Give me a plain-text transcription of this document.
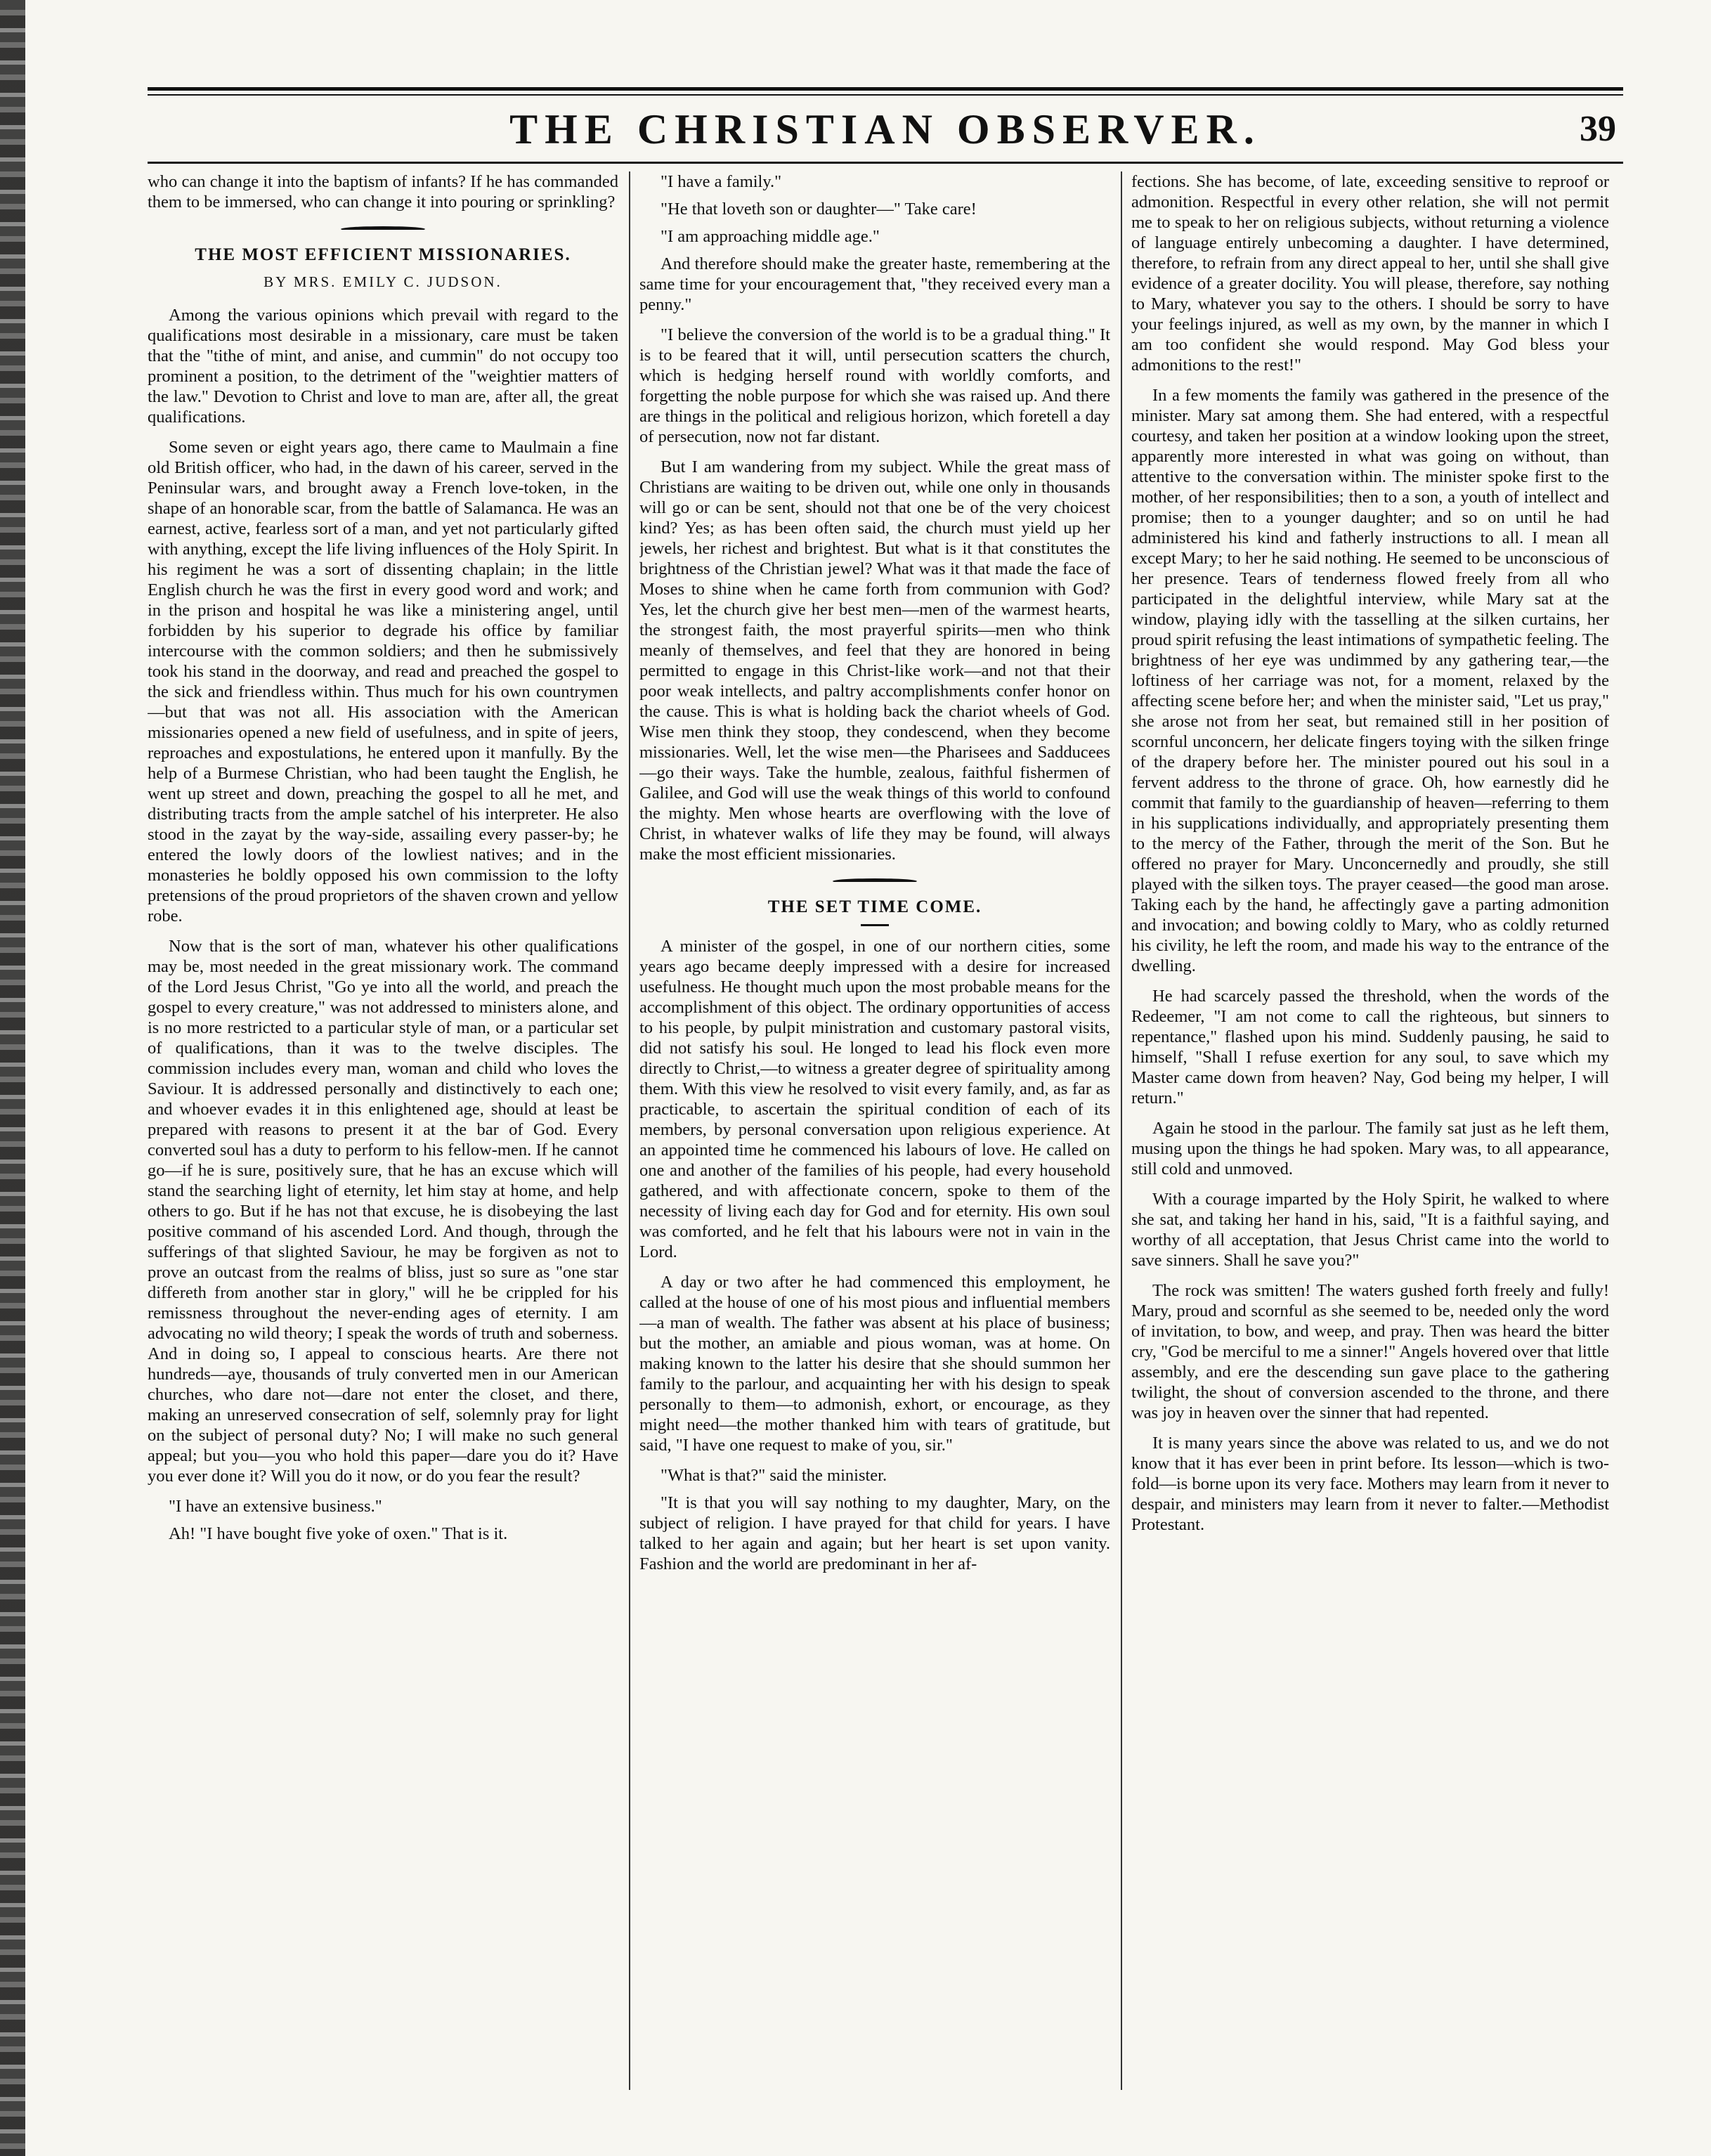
THE CHRISTIAN OBSERVER.	39

who can change it into the baptism of infants? If he has commanded them to be immersed, who can change it into pouring or sprinkling?

THE MOST EFFICIENT MISSIONARIES.
BY MRS. EMILY C. JUDSON.

Among the various opinions which prevail with regard to the qualifications most desirable in a missionary, care must be taken that the "tithe of mint, and anise, and cummin" do not occupy too prominent a position, to the detriment of the "weightier matters of the law." Devotion to Christ and love to man are, after all, the great qualifications.

Some seven or eight years ago, there came to Maulmain a fine old British officer, who had, in the dawn of his career, served in the Peninsular wars, and brought away a French love-token, in the shape of an honorable scar, from the battle of Salamanca. He was an earnest, active, fearless sort of a man, and yet not particularly gifted with anything, except the life living influences of the Holy Spirit. In his regiment he was a sort of dissenting chaplain; in the little English church he was the first in every good word and work; and in the prison and hospital he was like a ministering angel, until forbidden by his superior to degrade his office by familiar intercourse with the common soldiers; and then he submissively took his stand in the doorway, and read and preached the gospel to the sick and friendless within. Thus much for his own countrymen—but that was not all. His association with the American missionaries opened a new field of usefulness, and in spite of jeers, reproaches and expostulations, he entered upon it manfully. By the help of a Burmese Christian, who had been taught the English, he went up street and down, preaching the gospel to all he met, and distributing tracts from the ample satchel of his interpreter. He also stood in the zayat by the way-side, assailing every passer-by; he entered the lowly doors of the lowliest natives; and in the monasteries he boldly opposed his own commission to the lofty pretensions of the proud proprietors of the shaven crown and yellow robe.

Now that is the sort of man, whatever his other qualifications may be, most needed in the great missionary work. The command of the Lord Jesus Christ, "Go ye into all the world, and preach the gospel to every creature," was not addressed to ministers alone, and is no more restricted to a particular style of man, or a particular set of qualifications, than it was to the twelve disciples. The commission includes every man, woman and child who loves the Saviour. It is addressed personally and distinctively to each one; and whoever evades it in this enlightened age, should at least be prepared with reasons to present it at the bar of God. Every converted soul has a duty to perform to his fellow-men. If he cannot go—if he is sure, positively sure, that he has an excuse which will stand the searching light of eternity, let him stay at home, and help others to go. But if he has not that excuse, he is disobeying the last positive command of his ascended Lord. And though, through the sufferings of that slighted Saviour, he may be forgiven as not to prove an outcast from the realms of bliss, just so sure as "one star differeth from another star in glory," will he be crippled for his remissness throughout the never-ending ages of eternity. I am advocating no wild theory; I speak the words of truth and soberness. And in doing so, I appeal to conscious hearts. Are there not hundreds—aye, thousands of truly converted men in our American churches, who dare not—dare not enter the closet, and there, making an unreserved consecration of self, solemnly pray for light on the subject of personal duty? No; I will make no such general appeal; but you—you who hold this paper—dare you do it? Have you ever done it? Will you do it now, or do you fear the result?

"I have an extensive business."

Ah! "I have bought five yoke of oxen." That is it.

"I have a family."

"He that loveth son or daughter—" Take care!

"I am approaching middle age."

And therefore should make the greater haste, remembering at the same time for your encouragement that, "they received every man a penny."

"I believe the conversion of the world is to be a gradual thing." It is to be feared that it will, until persecution scatters the church, which is hedging herself round with worldly comforts, and forgetting the noble purpose for which she was raised up. And there are things in the political and religious horizon, which foretell a day of persecution, now not far distant.

But I am wandering from my subject. While the great mass of Christians are waiting to be driven out, while one only in thousands will go or can be sent, should not that one be of the very choicest kind? Yes; as has been often said, the church must yield up her jewels, her richest and brightest. But what is it that constitutes the brightness of the Christian jewel? What was it that made the face of Moses to shine when he came forth from communion with God? Yes, let the church give her best men—men of the warmest hearts, the strongest faith, the most prayerful spirits—men who think meanly of themselves, and feel that they are honored in being permitted to engage in this Christ-like work—and not that their poor weak intellects, and paltry accomplishments confer honor on the cause. This is what is holding back the chariot wheels of God. Wise men think they stoop, they condescend, when they become missionaries. Well, let the wise men—the Pharisees and Sadducees—go their ways. Take the humble, zealous, faithful fishermen of Galilee, and God will use the weak things of this world to confound the mighty. Men whose hearts are overflowing with the love of Christ, in whatever walks of life they may be found, will always make the most efficient missionaries.

THE SET TIME COME.

A minister of the gospel, in one of our northern cities, some years ago became deeply impressed with a desire for increased usefulness. He thought much upon the most probable means for the accomplishment of this object. The ordinary opportunities of access to his people, by pulpit ministration and customary pastoral visits, did not satisfy his soul. He longed to lead his flock even more directly to Christ,—to witness a greater degree of spirituality among them. With this view he resolved to visit every family, and, as far as practicable, to ascertain the spiritual condition of each of its members, by personal conversation upon religious experience. At an appointed time he commenced his labours of love. He called on one and another of the families of his people, had every household gathered, and with affectionate concern, spoke to them of the necessity of living each day for God and for eternity. His own soul was comforted, and he felt that his labours were not in vain in the Lord.

A day or two after he had commenced this employment, he called at the house of one of his most pious and influential members—a man of wealth. The father was absent at his place of business; but the mother, an amiable and pious woman, was at home. On making known to the latter his desire that she should summon her family to the parlour, and acquainting her with his design to speak personally to them—to admonish, exhort, or encourage, as they might need—the mother thanked him with tears of gratitude, but said, "I have one request to make of you, sir."

"What is that?" said the minister.

"It is that you will say nothing to my daughter, Mary, on the subject of religion. I have prayed for that child for years. I have talked to her again and again; but her heart is set upon vanity. Fashion and the world are predominant in her af-

fections. She has become, of late, exceeding sensitive to reproof or admonition. Respectful in every other relation, she will not permit me to speak to her on religious subjects, without returning a violence of language entirely unbecoming a daughter. I have determined, therefore, to refrain from any direct appeal to her, until she shall give evidence of a greater docility. You will please, therefore, say nothing to Mary, whatever you say to the others. I should be sorry to have your feelings injured, as well as my own, by the manner in which I am too confident she would respond. May God bless your admonitions to the rest!"

In a few moments the family was gathered in the presence of the minister. Mary sat among them. She had entered, with a respectful courtesy, and taken her position at a window looking upon the street, apparently more interested in what was going on without, than attentive to the conversation within. The minister spoke first to the mother, of her responsibilities; then to a son, a youth of intellect and promise; then to a younger daughter; and so on until he had administered his kind and fatherly instructions to all. I mean all except Mary; to her he said nothing. He seemed to be unconscious of her presence. Tears of tenderness flowed freely from all who participated in the delightful interview, while Mary sat at the window, playing idly with the tasselling at the silken curtains, her proud spirit refusing the least intimations of sympathetic feeling. The brightness of her eye was undimmed by any gathering tear,—the loftiness of her carriage was not, for a moment, relaxed by the affecting scene before her; and when the minister said, "Let us pray," she arose not from her seat, but remained still in her position of scornful unconcern, her delicate fingers toying with the silken fringe of the drapery before her. The minister poured out his soul in a fervent address to the throne of grace. Oh, how earnestly did he commit that family to the guardianship of heaven—referring to them in his supplications individually, and appropriately presenting them to the mercy of the Father, through the merit of the Son. But he offered no prayer for Mary. Unconcernedly and proudly, she still played with the silken toys. The prayer ceased—the good man arose. Taking each by the hand, he affectingly gave a parting admonition and invocation; and bowing coldly to Mary, who as coldly returned his civility, he left the room, and made his way to the entrance of the dwelling.

He had scarcely passed the threshold, when the words of the Redeemer, "I am not come to call the righteous, but sinners to repentance," flashed upon his mind. Suddenly pausing, he said to himself, "Shall I refuse exertion for any soul, to save which my Master came down from heaven? Nay, God being my helper, I will return."

Again he stood in the parlour. The family sat just as he left them, musing upon the things he had spoken. Mary was, to all appearance, still cold and unmoved.

With a courage imparted by the Holy Spirit, he walked to where she sat, and taking her hand in his, said, "It is a faithful saying, and worthy of all acceptation, that Jesus Christ came into the world to save sinners. Shall he save you?"

The rock was smitten! The waters gushed forth freely and fully! Mary, proud and scornful as she seemed to be, needed only the word of invitation, to bow, and weep, and pray. Then was heard the bitter cry, "God be merciful to me a sinner!" Angels hovered over that little assembly, and ere the descending sun gave place to the gathering twilight, the shout of conversion ascended to the throne, and there was joy in heaven over the sinner that had repented.

It is many years since the above was related to us, and we do not know that it has ever been in print before. Its lesson—which is two-fold—is borne upon its very face. Mothers may learn from it never to despair, and ministers may learn from it never to falter.—Methodist Protestant.
